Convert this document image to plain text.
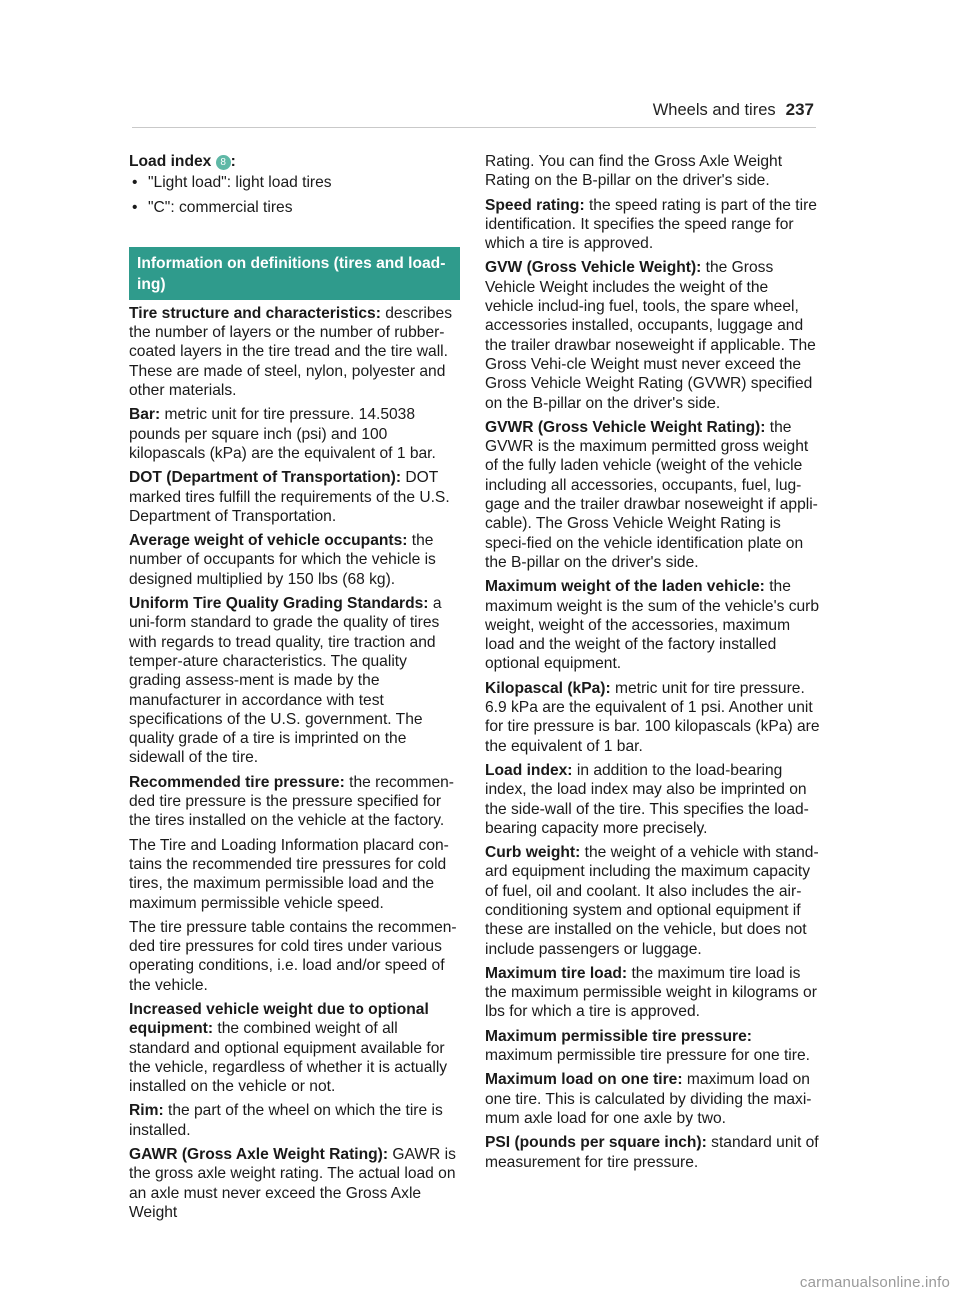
Wheels and tires 237
Load index 8 :
• "Light load": light load tires
• "C": commercial tires
Information on definitions (tires and load-ing)

Tire structure and characteristics: describes the number of layers or the number of rubber-coated layers in the tire tread and the tire wall. These are made of steel, nylon, polyester and other materials.

Bar: metric unit for tire pressure. 14.5038 pounds per square inch (psi) and 100 kilopascals (kPa) are the equivalent of 1 bar.

DOT (Department of Transportation): DOT marked tires fulfill the requirements of the U.S. Department of Transportation.

Average weight of vehicle occupants: the number of occupants for which the vehicle is designed multiplied by 150 lbs (68 kg).

Uniform Tire Quality Grading Standards: a uni-form standard to grade the quality of tires with regards to tread quality, tire traction and temper-ature characteristics. The quality grading assess-ment is made by the manufacturer in accordance with test specifications of the U.S. government. The quality grade of a tire is imprinted on the sidewall of the tire.

Recommended tire pressure: the recommen-ded tire pressure is the pressure specified for the tires installed on the vehicle at the factory.

The Tire and Loading Information placard con-tains the recommended tire pressures for cold tires, the maximum permissible load and the maximum permissible vehicle speed.

The tire pressure table contains the recommen-ded tire pressures for cold tires under various operating conditions, i.e. load and/or speed of the vehicle.

Increased vehicle weight due to optional equipment: the combined weight of all standard and optional equipment available for the vehicle, regardless of whether it is actually installed on the vehicle or not.

Rim: the part of the wheel on which the tire is installed.

GAWR (Gross Axle Weight Rating): GAWR is the gross axle weight rating. The actual load on an axle must never exceed the Gross Axle Weight

Rating. You can find the Gross Axle Weight Rating on the B-pillar on the driver's side.

Speed rating: the speed rating is part of the tire identification. It specifies the speed range for which a tire is approved.

GVW (Gross Vehicle Weight): the Gross Vehicle Weight includes the weight of the vehicle includ-ing fuel, tools, the spare wheel, accessories installed, occupants, luggage and the trailer drawbar noseweight if applicable. The Gross Vehi-cle Weight must never exceed the Gross Vehicle Weight Rating (GVWR) specified on the B-pillar on the driver's side.

GVWR (Gross Vehicle Weight Rating): the GVWR is the maximum permitted gross weight of the fully laden vehicle (weight of the vehicle including all accessories, occupants, fuel, lug-gage and the trailer drawbar noseweight if appli-cable). The Gross Vehicle Weight Rating is speci-fied on the vehicle identification plate on the B-pillar on the driver's side.

Maximum weight of the laden vehicle: the maximum weight is the sum of the vehicle's curb weight, weight of the accessories, maximum load and the weight of the factory installed optional equipment.

Kilopascal (kPa): metric unit for tire pressure. 6.9 kPa are the equivalent of 1 psi. Another unit for tire pressure is bar. 100 kilopascals (kPa) are the equivalent of 1 bar.

Load index: in addition to the load-bearing index, the load index may also be imprinted on the side-wall of the tire. This specifies the load-bearing capacity more precisely.

Curb weight: the weight of a vehicle with stand-ard equipment including the maximum capacity of fuel, oil and coolant. It also includes the air-conditioning system and optional equipment if these are installed on the vehicle, but does not include passengers or luggage.

Maximum tire load: the maximum tire load is the maximum permissible weight in kilograms or lbs for which a tire is approved.

Maximum permissible tire pressure: maximum permissible tire pressure for one tire.

Maximum load on one tire: maximum load on one tire. This is calculated by dividing the maxi-mum axle load for one axle by two.

PSI (pounds per square inch): standard unit of measurement for tire pressure.

carmanualsonline.info
